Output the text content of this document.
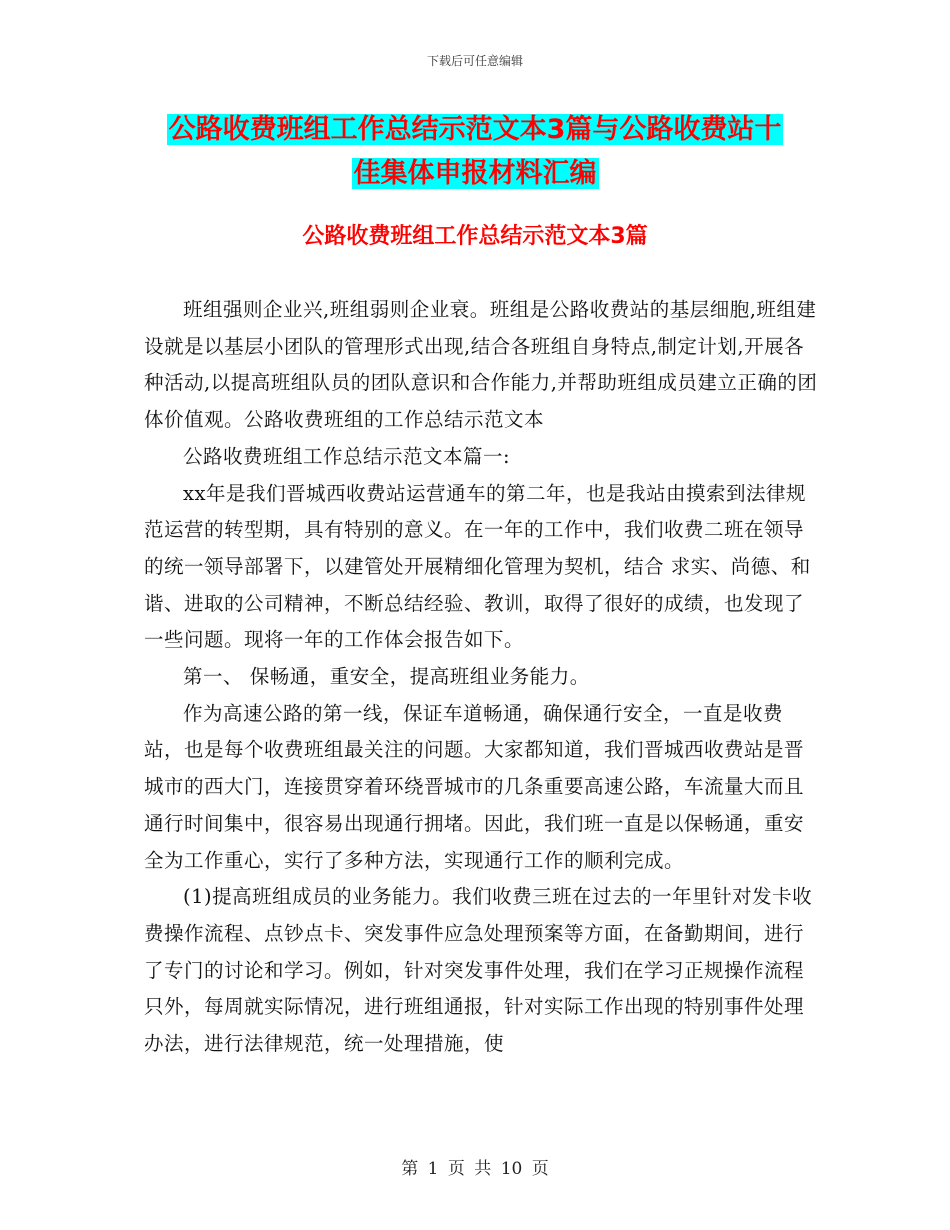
下载后可任意编辑
公路收费班组工作总结示范文本3篇与公路收费站十
佳集体申报材料汇编
公路收费班组工作总结示范文本3篇

班组强则企业兴,班组弱则企业衰。班组是公路收费站的基层细胞,班组建设就是以基层小团队的管理形式出现,结合各班组自身特点,制定计划,开展各种活动,以提高班组队员的团队意识和合作能力,并帮助班组成员建立正确的团体价值观。公路收费班组的工作总结示范文本

公路收费班组工作总结示范文本篇一:

xx年是我们晋城西收费站运营通车的第二年，也是我站由摸索到法律规范运营的转型期，具有特别的意义。在一年的工作中，我们收费二班在领导的统一领导部署下，以建管处开展精细化管理为契机，结合 求实、尚德、和谐、进取的公司精神，不断总结经验、教训，取得了很好的成绩，也发现了一些问题。现将一年的工作体会报告如下。

第一、 保畅通，重安全，提高班组业务能力。

作为高速公路的第一线，保证车道畅通，确保通行安全，一直是收费站，也是每个收费班组最关注的问题。大家都知道，我们晋城西收费站是晋城市的西大门，连接贯穿着环绕晋城市的几条重要高速公路，车流量大而且通行时间集中，很容易出现通行拥堵。因此，我们班一直是以保畅通，重安全为工作重心，实行了多种方法，实现通行工作的顺利完成。

(1)提高班组成员的业务能力。我们收费三班在过去的一年里针对发卡收费操作流程、点钞点卡、突发事件应急处理预案等方面，在备勤期间，进行了专门的讨论和学习。例如，针对突发事件处理，我们在学习正规操作流程只外，每周就实际情况，进行班组通报，针对实际工作出现的特别事件处理办法，进行法律规范，统一处理措施，使

第 1 页 共 10 页
